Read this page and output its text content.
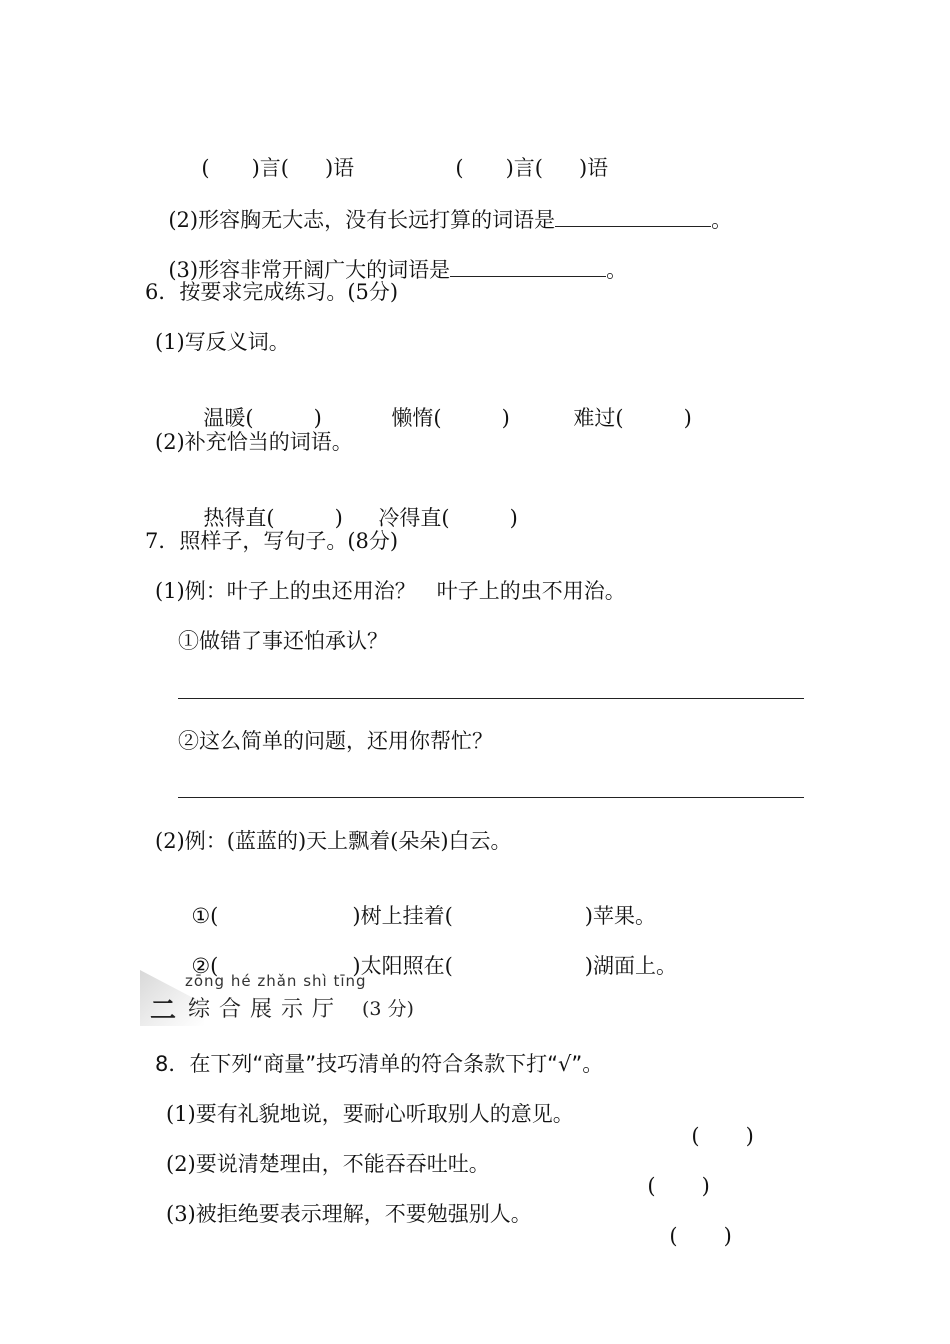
( )言( )语	( )言( )语

(2)形容胸无大志，没有长远打算的词语是	。

(3)形容非常开阔广大的词语是	。

6．按要求完成练习。(5分)
(1)写反义词。

温暖(	)	懒惰(	)	难过(	)

(2)补充恰当的词语。

热得直(	)	冷得直(	)

7．照样子，写句子。(8分)
(1)例：叶子上的虫还用治？　叶子上的虫不用治。
①做错了事还怕承认？
②这么简单的问题，还用你帮忙？
(2)例：(蓝蓝的)天上飘着(朵朵)白云。

①(	)树上挂着(	)苹果。

②(	)太阳照在(	)湖面上。

二
zōng hé zhǎn shì tīng
综合展示厅 (3 分)
8．在下列“商量”技巧清单的符合条款下打“√”。
(1)要有礼貌地说，要耐心听取别人的意见。

( )

(2)要说清楚理由，不能吞吞吐吐。

( )

(3)被拒绝要表示理解，不要勉强别人。

( )
